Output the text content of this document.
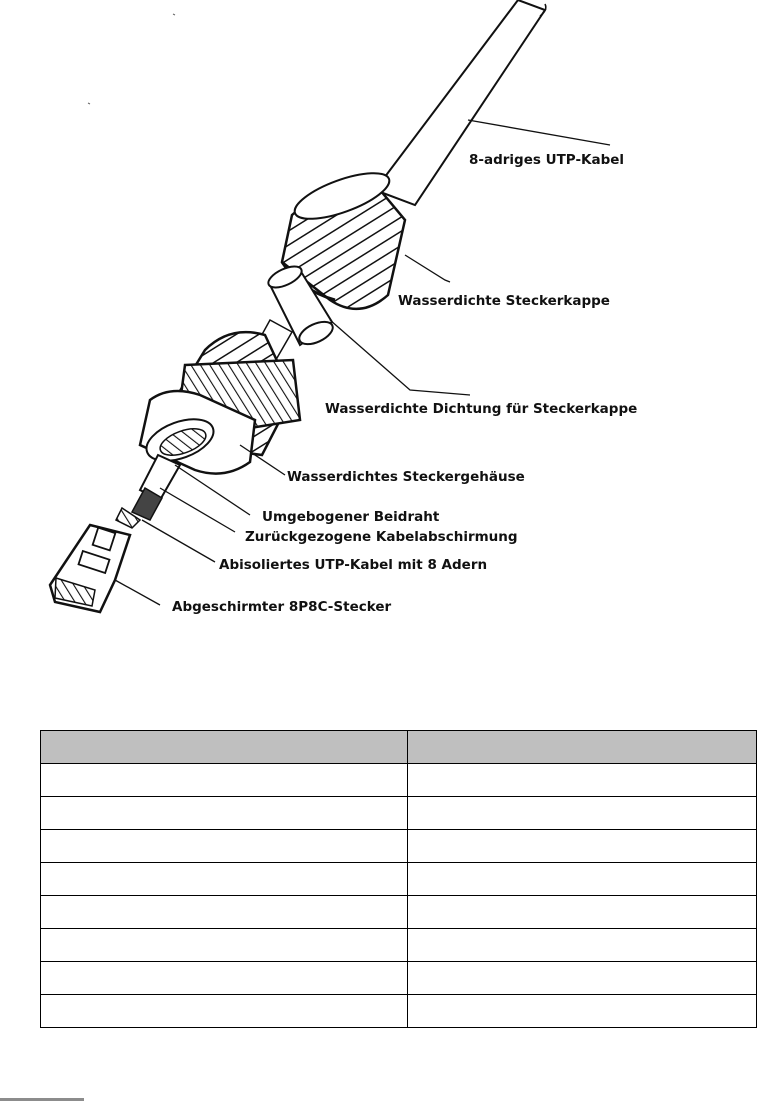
8-adriges UTP-Kabel
Wasserdichte Steckerkappe
Wasserdichte Dichtung für Steckerkappe
Wasserdichtes Steckergehäuse
Umgebogener Beidraht
Zurückgezogene Kabelabschirmung
Abisoliertes UTP-Kabel mit 8 Adern
Abgeschirmter 8P8C-Stecker
